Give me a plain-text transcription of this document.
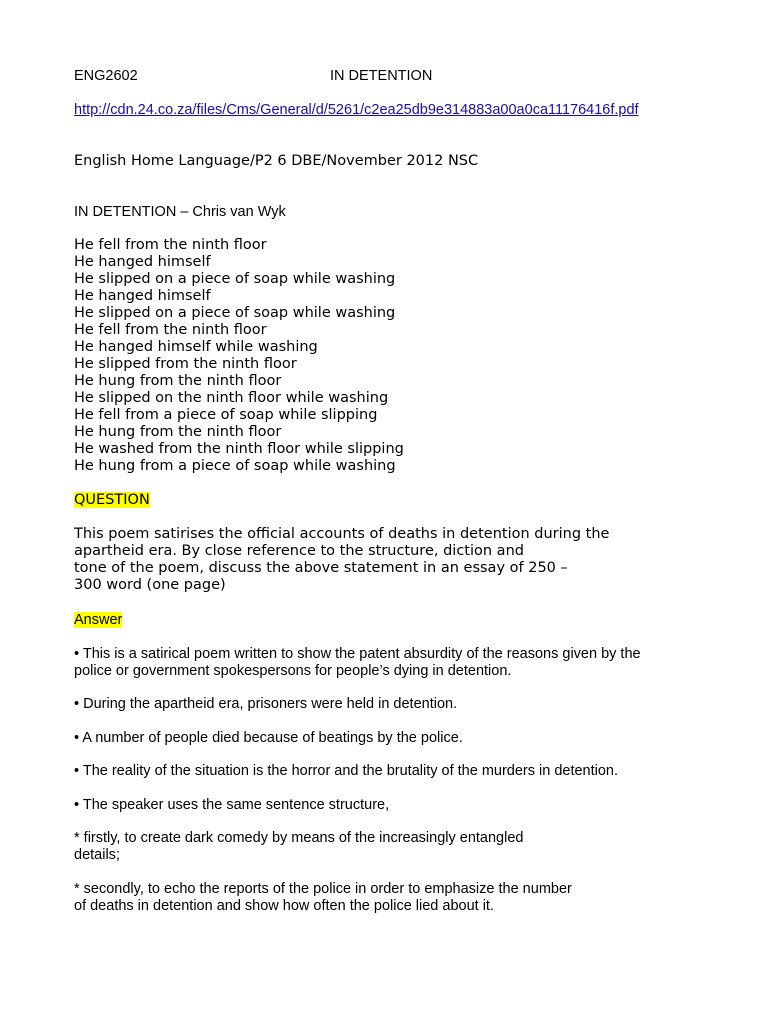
ENG2602	IN DETENTION
http://cdn.24.co.za/files/Cms/General/d/5261/c2ea25db9e314883a00a0ca11176416f.pdf
English Home Language/P2 6 DBE/November 2012 NSC
IN DETENTION – Chris van Wyk
He fell from the ninth floor
He hanged himself
He slipped on a piece of soap while washing
He hanged himself
He slipped on a piece of soap while washing
He fell from the ninth floor
He hanged himself while washing
He slipped from the ninth floor
He hung from the ninth floor
He slipped on the ninth floor while washing
He fell from a piece of soap while slipping
He hung from the ninth floor
He washed from the ninth floor while slipping
He hung from a piece of soap while washing
QUESTION
This poem satirises the official accounts of deaths in detention during the
apartheid era. By close reference to the structure, diction and
tone of the poem, discuss the above statement in an essay of 250 –
300 word (one page)
Answer
• This is a satirical poem written to show the patent absurdity of the reasons given by the
police or government spokespersons for people’s dying in detention.
• During the apartheid era, prisoners were held in detention.
• A number of people died because of beatings by the police.
• The reality of the situation is the horror and the brutality of the murders in detention.
• The speaker uses the same sentence structure,
* firstly, to create dark comedy by means of the increasingly entangled
details;
* secondly, to echo the reports of the police in order to emphasize the number
of deaths in detention and show how often the police lied about it.
